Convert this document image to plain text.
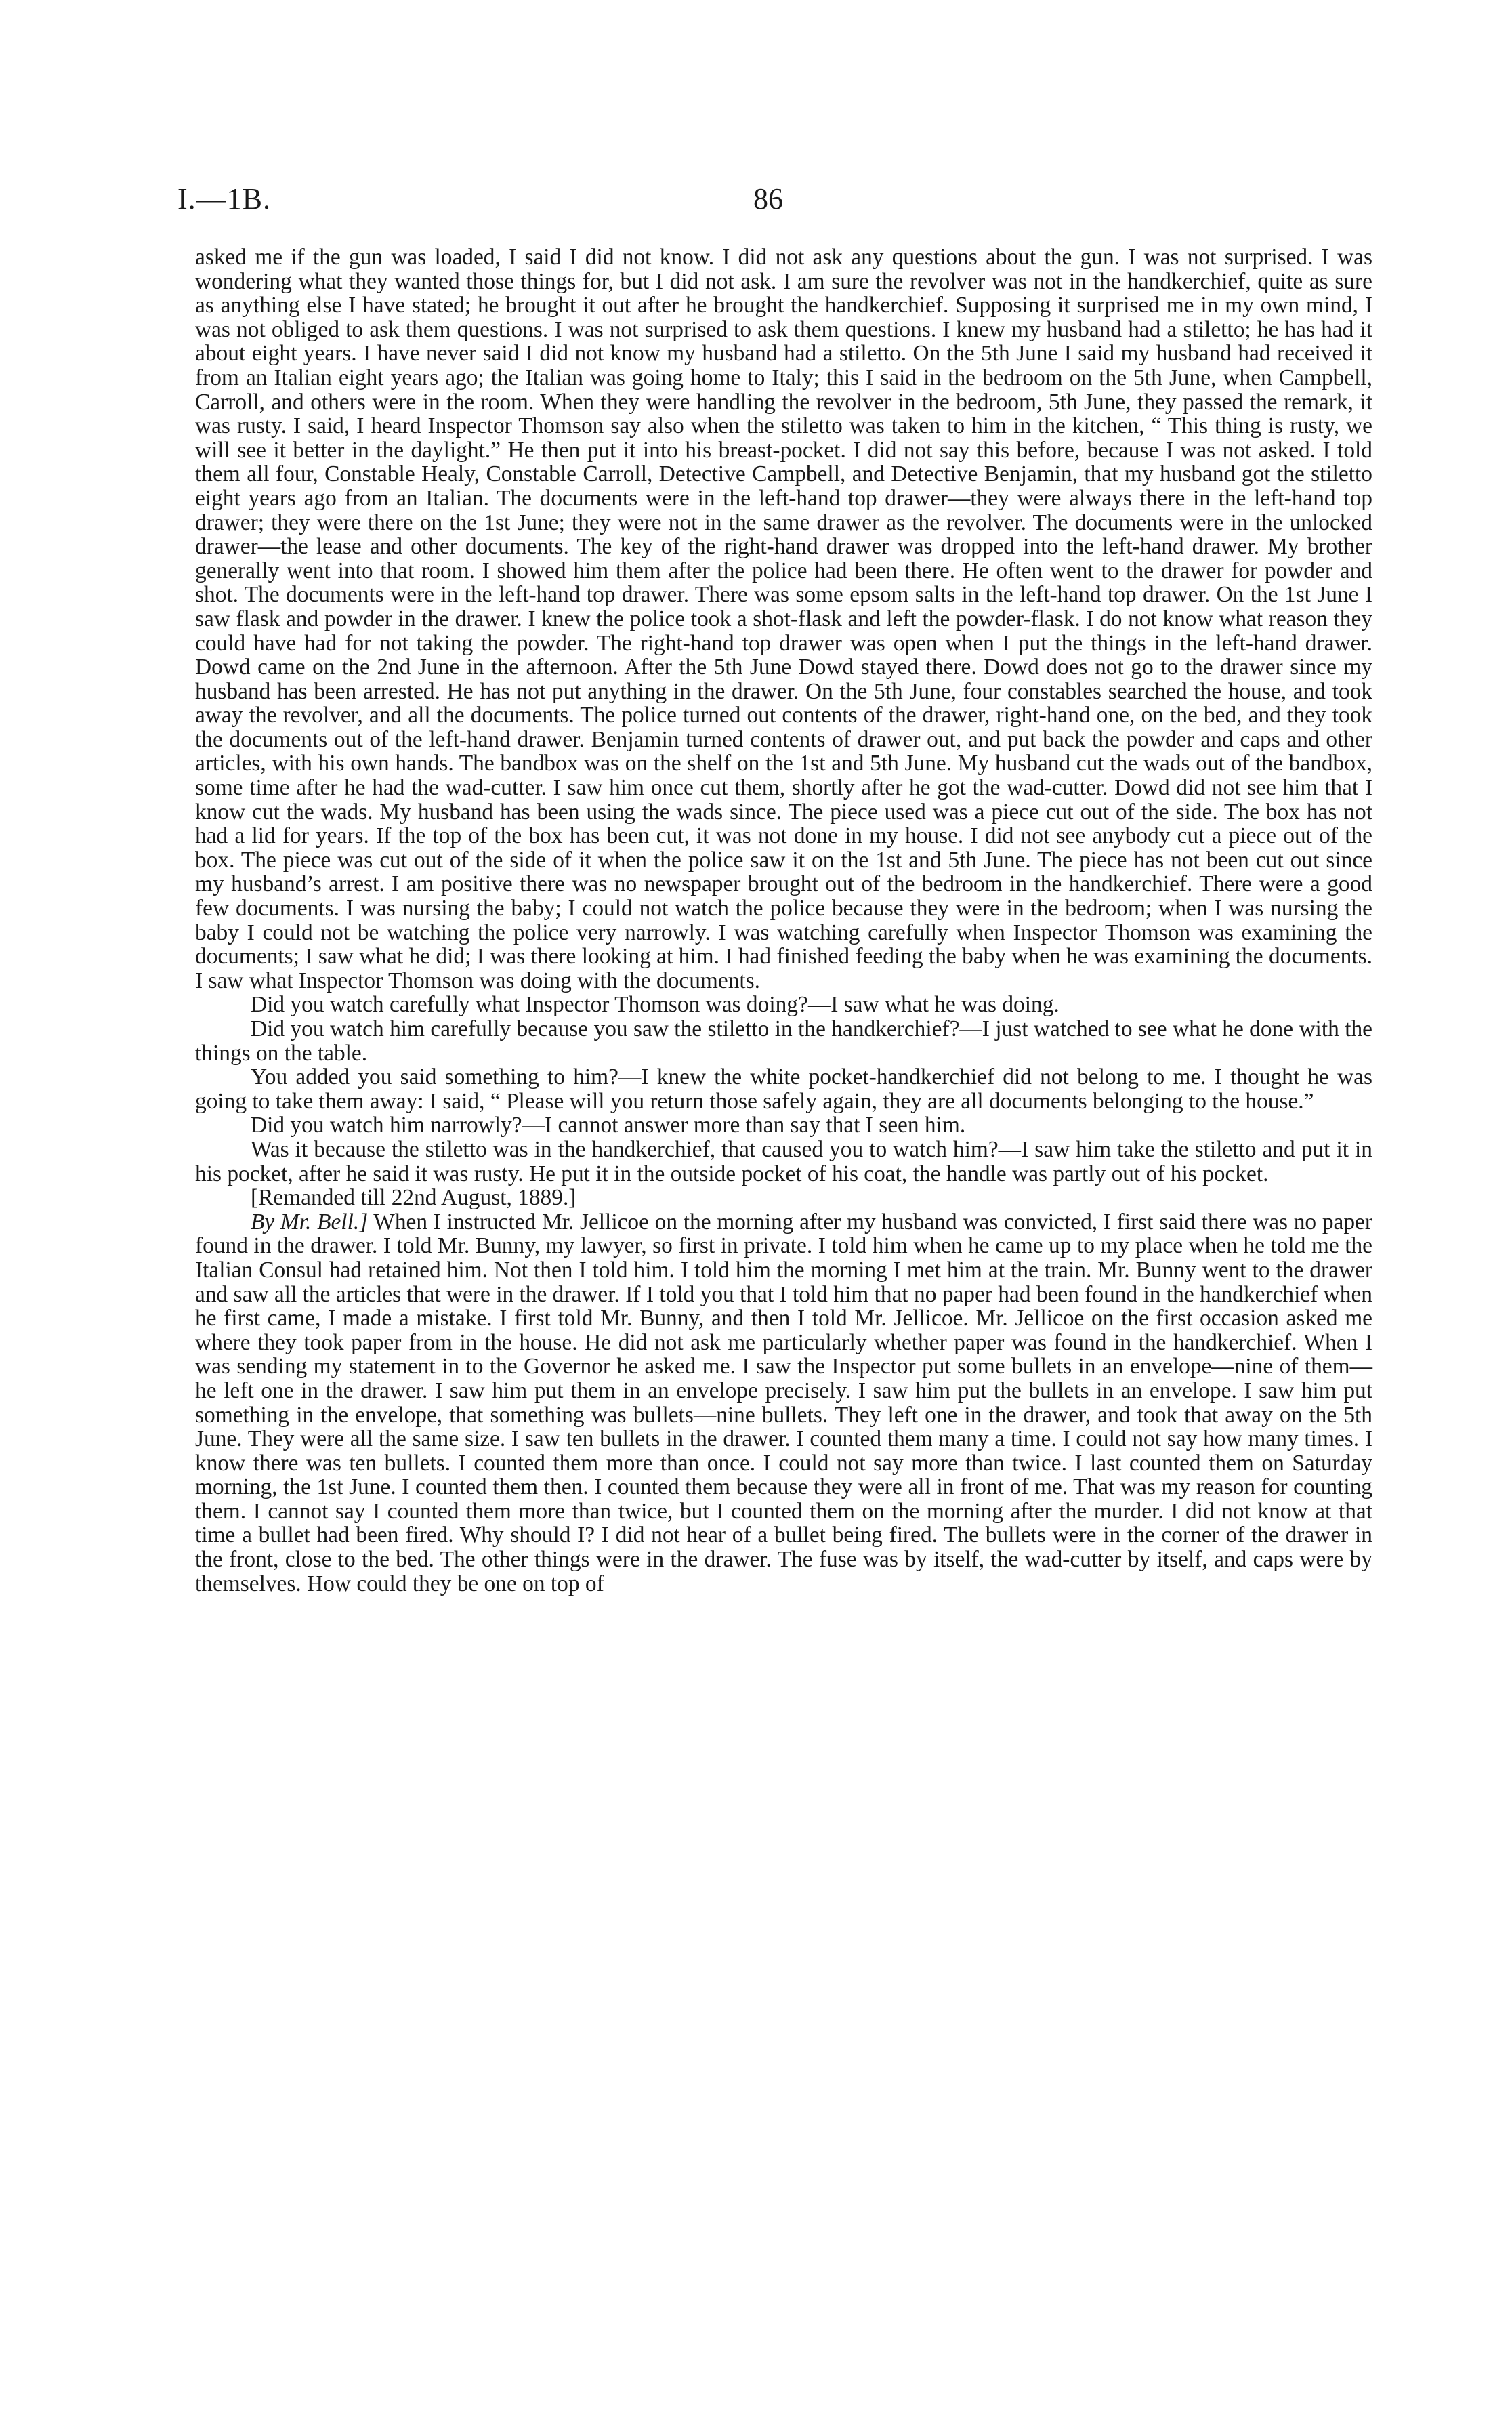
I.—1B.	86

asked me if the gun was loaded, I said I did not know. I did not ask any questions about the gun. I was not surprised. I was wondering what they wanted those things for, but I did not ask. I am sure the revolver was not in the handkerchief, quite as sure as anything else I have stated; he brought it out after he brought the handkerchief. Supposing it surprised me in my own mind, I was not obliged to ask them questions. I was not surprised to ask them questions. I knew my husband had a stiletto; he has had it about eight years. I have never said I did not know my husband had a stiletto. On the 5th June I said my husband had received it from an Italian eight years ago; the Italian was going home to Italy; this I said in the bedroom on the 5th June, when Campbell, Carroll, and others were in the room. When they were handling the revolver in the bedroom, 5th June, they passed the remark, it was rusty. I said, I heard Inspector Thomson say also when the stiletto was taken to him in the kitchen, “ This thing is rusty, we will see it better in the daylight.” He then put it into his breast-pocket. I did not say this before, because I was not asked. I told them all four, Constable Healy, Constable Carroll, Detective Campbell, and Detective Benjamin, that my husband got the stiletto eight years ago from an Italian. The documents were in the left-hand top drawer—they were always there in the left-hand top drawer; they were there on the 1st June; they were not in the same drawer as the revolver. The documents were in the unlocked drawer—the lease and other documents. The key of the right-hand drawer was dropped into the left-hand drawer. My brother generally went into that room. I showed him them after the police had been there. He often went to the drawer for powder and shot. The documents were in the left-hand top drawer. There was some epsom salts in the left-hand top drawer. On the 1st June I saw flask and powder in the drawer. I knew the police took a shot-flask and left the powder-flask. I do not know what reason they could have had for not taking the powder. The right-hand top drawer was open when I put the things in the left-hand drawer. Dowd came on the 2nd June in the afternoon. After the 5th June Dowd stayed there. Dowd does not go to the drawer since my husband has been arrested. He has not put anything in the drawer. On the 5th June, four constables searched the house, and took away the revolver, and all the documents. The police turned out contents of the drawer, right-hand one, on the bed, and they took the documents out of the left-hand drawer. Benjamin turned contents of drawer out, and put back the powder and caps and other articles, with his own hands. The bandbox was on the shelf on the 1st and 5th June. My husband cut the wads out of the bandbox, some time after he had the wad-cutter. I saw him once cut them, shortly after he got the wad-cutter. Dowd did not see him that I know cut the wads. My husband has been using the wads since. The piece used was a piece cut out of the side. The box has not had a lid for years. If the top of the box has been cut, it was not done in my house. I did not see anybody cut a piece out of the box. The piece was cut out of the side of it when the police saw it on the 1st and 5th June. The piece has not been cut out since my husband’s arrest. I am positive there was no newspaper brought out of the bedroom in the handkerchief. There were a good few documents. I was nursing the baby; I could not watch the police because they were in the bedroom; when I was nursing the baby I could not be watching the police very narrowly. I was watching carefully when Inspector Thomson was examining the documents; I saw what he did; I was there looking at him. I had finished feeding the baby when he was examining the documents. I saw what Inspector Thomson was doing with the documents.

Did you watch carefully what Inspector Thomson was doing?—I saw what he was doing.

Did you watch him carefully because you saw the stiletto in the handkerchief?—I just watched to see what he done with the things on the table.

You added you said something to him?—I knew the white pocket-handkerchief did not belong to me. I thought he was going to take them away: I said, “ Please will you return those safely again, they are all documents belonging to the house.”

Did you watch him narrowly?—I cannot answer more than say that I seen him.

Was it because the stiletto was in the handkerchief, that caused you to watch him?—I saw him take the stiletto and put it in his pocket, after he said it was rusty. He put it in the outside pocket of his coat, the handle was partly out of his pocket.

[Remanded till 22nd August, 1889.]

By Mr. Bell.] When I instructed Mr. Jellicoe on the morning after my husband was convicted, I first said there was no paper found in the drawer. I told Mr. Bunny, my lawyer, so first in private. I told him when he came up to my place when he told me the Italian Consul had retained him. Not then I told him. I told him the morning I met him at the train. Mr. Bunny went to the drawer and saw all the articles that were in the drawer. If I told you that I told him that no paper had been found in the handkerchief when he first came, I made a mistake. I first told Mr. Bunny, and then I told Mr. Jellicoe. Mr. Jellicoe on the first occasion asked me where they took paper from in the house. He did not ask me particularly whether paper was found in the handkerchief. When I was sending my statement in to the Governor he asked me. I saw the Inspector put some bullets in an envelope—nine of them—he left one in the drawer. I saw him put them in an envelope precisely. I saw him put the bullets in an envelope. I saw him put something in the envelope, that something was bullets—nine bullets. They left one in the drawer, and took that away on the 5th June. They were all the same size. I saw ten bullets in the drawer. I counted them many a time. I could not say how many times. I know there was ten bullets. I counted them more than once. I could not say more than twice. I last counted them on Saturday morning, the 1st June. I counted them then. I counted them because they were all in front of me. That was my reason for counting them. I cannot say I counted them more than twice, but I counted them on the morning after the murder. I did not know at that time a bullet had been fired. Why should I? I did not hear of a bullet being fired. The bullets were in the corner of the drawer in the front, close to the bed. The other things were in the drawer. The fuse was by itself, the wad-cutter by itself, and caps were by themselves. How could they be one on top of
